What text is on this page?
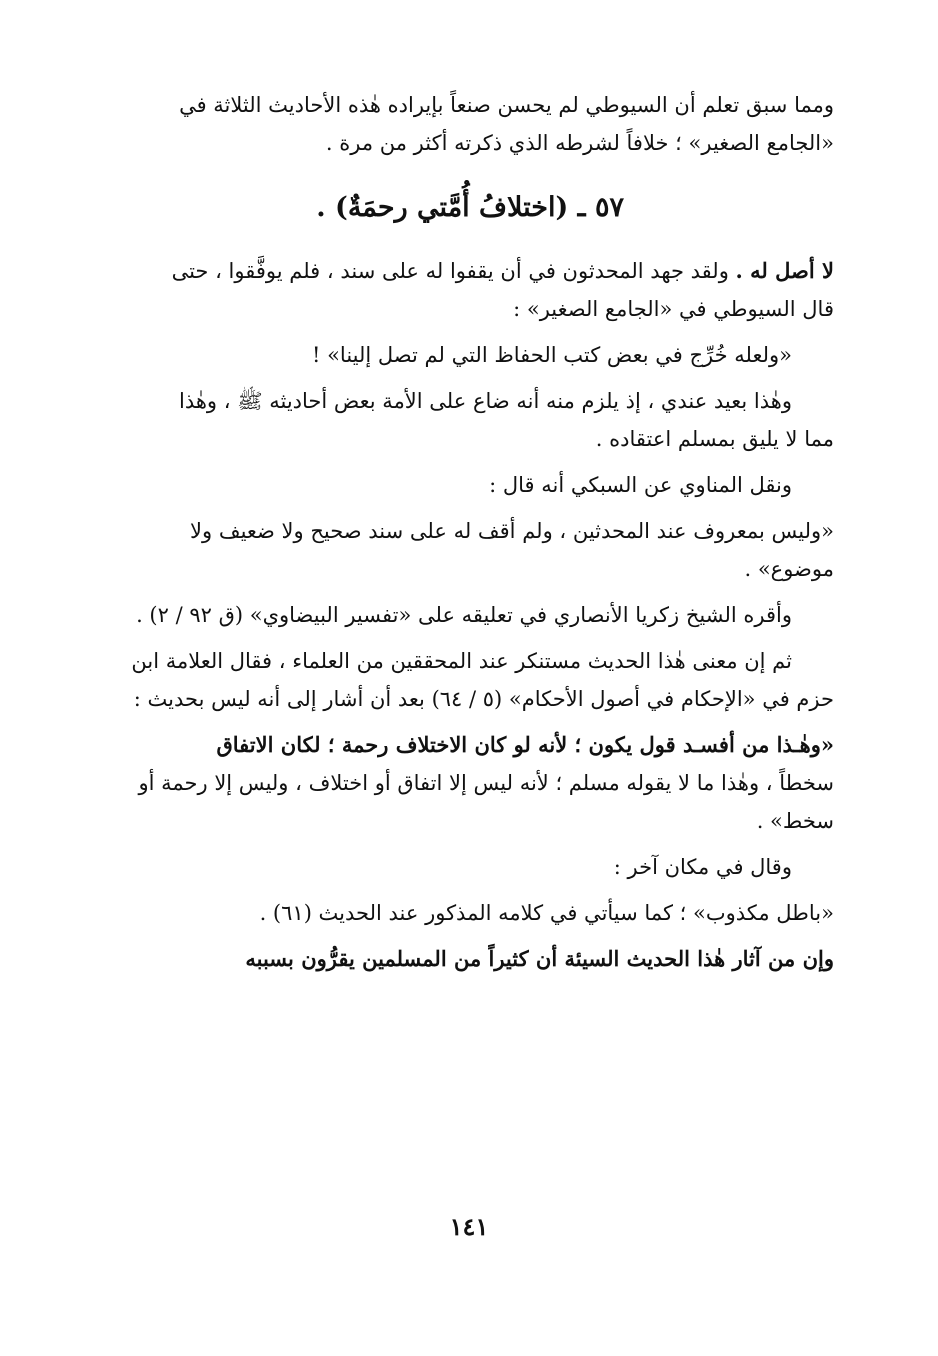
ومما سبق تعلم أن السيوطي لم يحسن صنعاً بإيراده هٰذه الأحاديث الثلاثة في
«الجامع الصغير» ؛ خلافاً لشرطه الذي ذكرته أكثر من مرة .
٥٧ ـ (اختلافُ أُمَّتي رحمَةٌ) .
لا أصل له . ولقد جهد المحدثون في أن يقفوا له على سند ، فلم يوفَّقوا ، حتى
قال السيوطي في «الجامع الصغير» :
«ولعله خُرِّج في بعض كتب الحفاظ التي لم تصل إلينا» !
وهٰذا بعيد عندي ، إذ يلزم منه أنه ضاع على الأمة بعض أحاديثه ﷺ ، وهٰذا
مما لا يليق بمسلم اعتقاده .
ونقل المناوي عن السبكي أنه قال :
«وليس بمعروف عند المحدثين ، ولم أقف له على سند صحيح ولا ضعيف ولا
موضوع» .
وأقره الشيخ زكريا الأنصاري في تعليقه على «تفسير البيضاوي» (ق ٩٢ / ٢) .
ثم إن معنى هٰذا الحديث مستنكر عند المحققين من العلماء ، فقال العلامة ابن
حزم في «الإحكام في أصول الأحكام» (٥ / ٦٤) بعد أن أشار إلى أنه ليس بحديث :
«وهٰـذا من أفسـد قول يكون ؛ لأنه لو كان الاختلاف رحمة ؛ لكان الاتفاق
سخطاً ، وهٰذا ما لا يقوله مسلم ؛ لأنه ليس إلا اتفاق أو اختلاف ، وليس إلا رحمة أو
سخط» .
وقال في مكان آخر :
«باطل مكذوب» ؛ كما سيأتي في كلامه المذكور عند الحديث (٦١) .
وإن من آثار هٰذا الحديث السيئة أن كثيراً من المسلمين يقرُّون بسببه
١٤١
